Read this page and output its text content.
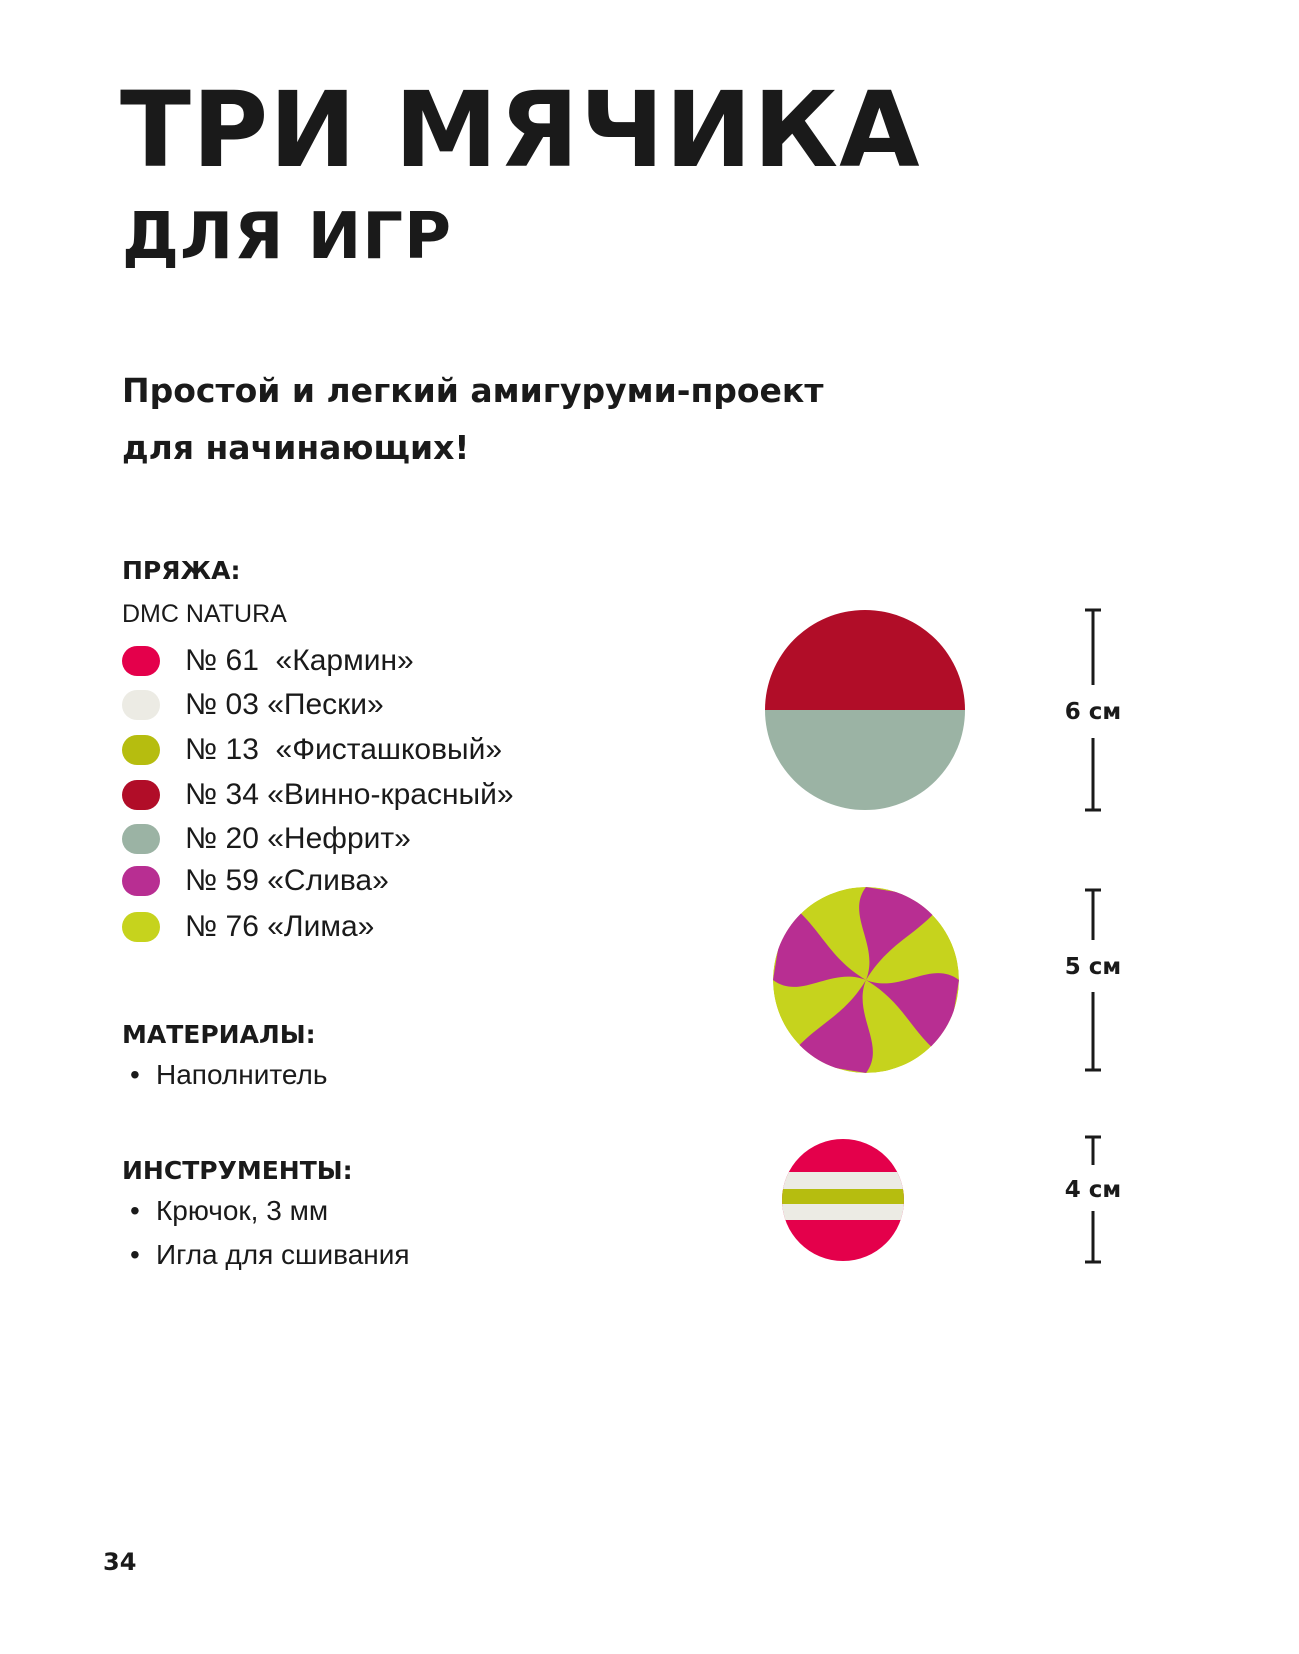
ТРИ МЯЧИКА
ДЛЯ ИГР

Простой и легкий амигуруми-проект
для начинающих!

ПРЯЖА:
DMC NATURA
№ 61  «Кармин»
№ 03 «Пески»
№ 13  «Фисташковый»
№ 34 «Винно-красный»
№ 20 «Нефрит»
№ 59 «Слива»
№ 76 «Лима»
МАТЕРИАЛЫ:
• Наполнитель
ИНСТРУМЕНТЫ:
• Крючок, 3 мм
• Игла для сшивания
6 см
5 см
4 см
34
